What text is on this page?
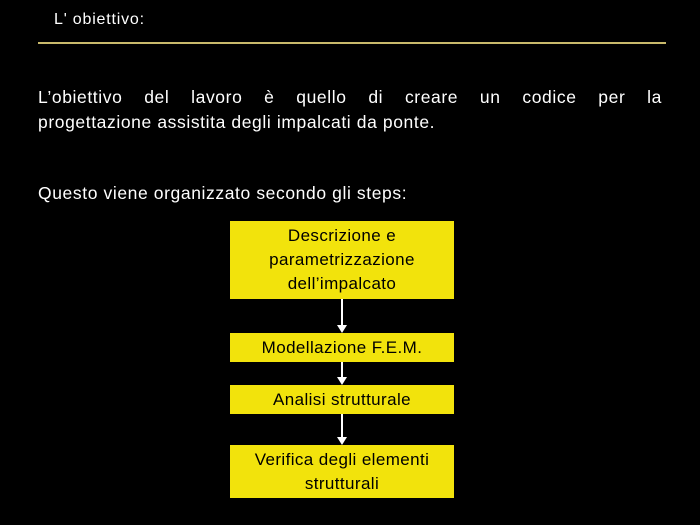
L' obiettivo:
L’obiettivo del lavoro è quello di creare un codice per la
progettazione assistita degli impalcati da ponte.
Questo viene organizzato secondo gli steps:
Descrizione e parametrizzazione dell’impalcato
Modellazione F.E.M.
Analisi strutturale
Verifica degli elementi strutturali
